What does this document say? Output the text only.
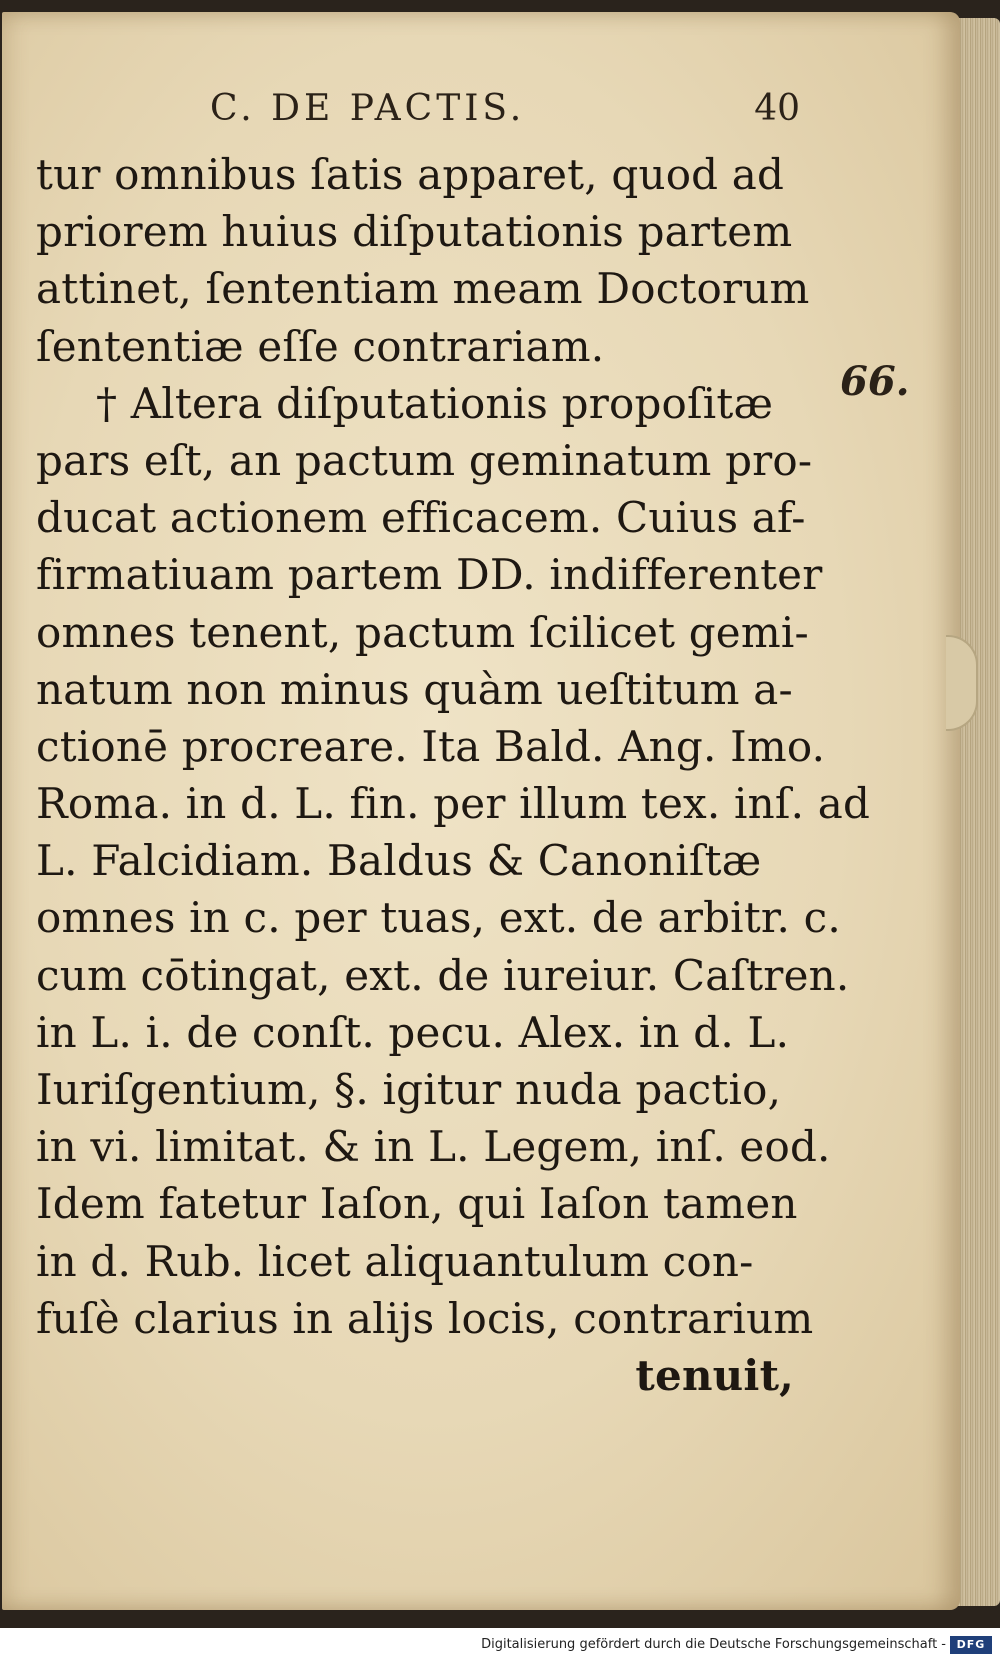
C. DE PACTIS.	40
66.
tur omnibus ſatis apparet, quod ad
priorem huius diſputationis partem
attinet, ſententiam meam Doctorum
ſententiæ eſſe contrariam.
† Altera diſputationis propoſitæ
pars eſt, an pactum geminatum pro-
ducat actionem efficacem. Cuius af-
firmatiuam partem DD. indifferenter
omnes tenent, pactum ſcilicet gemi-
natum non minus quàm ueſtitum a-
ctionē procreare. Ita Bald. Ang. Imo.
Roma. in d. L. fin. per illum tex. inſ. ad
L. Falcidiam. Baldus & Canoniſtæ
omnes in c. per tuas, ext. de arbitr. c.
cum cōtingat, ext. de iureiur. Caſtren.
in L. i. de conſt. pecu. Alex. in d. L.
Iuriſgentium, §. igitur nuda pactio,
in vi. limitat. & in L. Legem, inſ. eod.
Idem fatetur Iaſon, qui Iaſon tamen
in d. Rub. licet aliquantulum con-
fuſè clarius in alijs locis, contrarium
tenuit,
Digitalisierung gefördert durch die Deutsche Forschungsgemeinschaft - DFG
